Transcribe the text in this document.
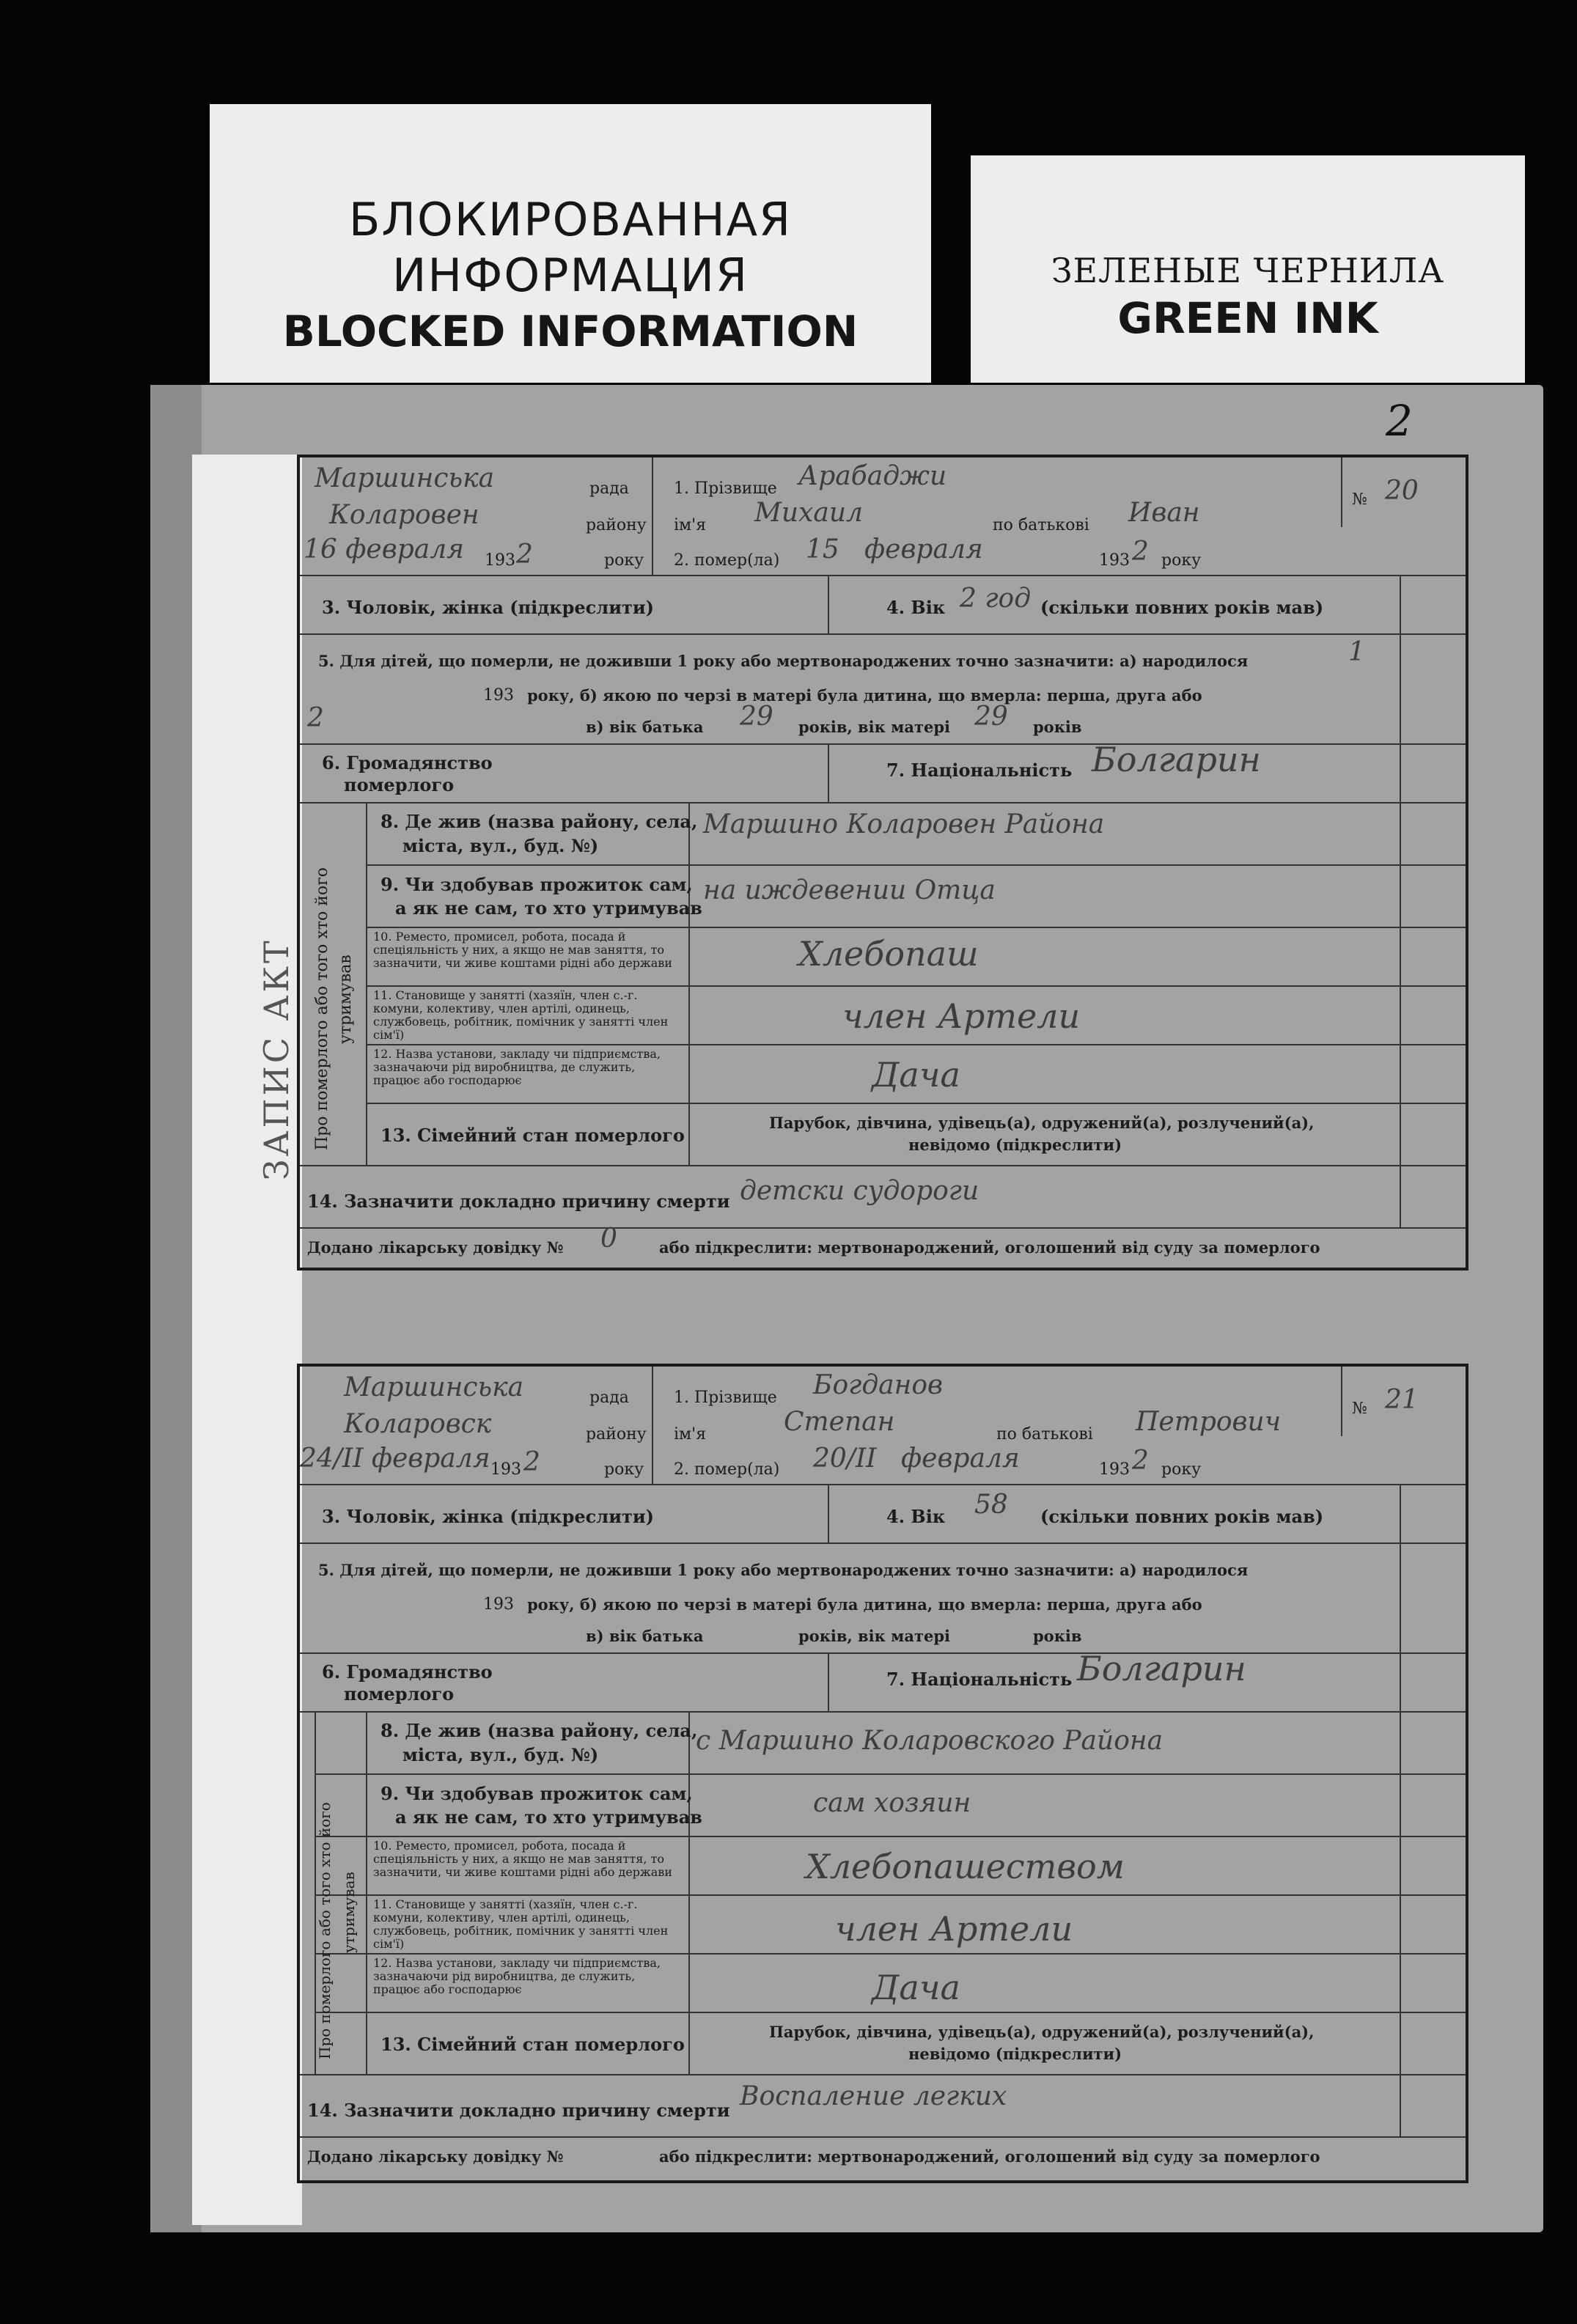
БЛОКИРОВАННАЯ
ИНФОРМАЦИЯ
BLOCKED INFORMATION
ЗЕЛЕНЫЕ ЧЕРНИЛА
GREEN INK
2
ЗАПИС АКТ
Маршинська	рада
Коларовен	району
16 февраля 193 2	року
1. Прізвище Арабаджи
ім'я Михаил	по батькові Иван
2. помер(ла) 15 февраля	193 2 року
№ 20
3. Чоловік, жінка (підкреслити)	4. Вік 2 год (скільки повних років мав)
5. Для дітей, що померли, не доживши 1 року або мертвонароджених точно зазначити: а) народилося	1
193 року, б) якою по черзі в матері була дитина, що вмерла: перша, друга або
2	в) вік батька 29 років, вік матері 29 років
6. Громадянство
померлого
7. Національність Болгарин
Про померлого або того хто його утримував
8. Де жив (назва району, села,
міста, вул., буд. №)
Маршино Коларовен Района
9. Чи здобував прожиток сам,
а як не сам, то хто утримував
на иждевении Отца
10. Реместо, промисел, робота, посада й спеціяльність у них, а якщо не мав заняття, то зазначити, чи живе коштами рідні або держави	Хлебопаш
11. Становище у занятті (хазяїн, член с.-г. комуни, колективу, член артілі, одинець, службовець, робітник, помічник у занятті член сім'ї)	член Артели
12. Назва установи, закладу чи підприємства, зазначаючи рід виробництва, де служить, працює або господарює	Дача
13. Сімейний стан померлого
Парубок, дівчина, удівець(а), одружений(а), розлучений(а),
невідомо (підкреслити)
14. Зазначити докладно причину смерти детски судороги
Додано лікарську довідку № 0	або підкреслити: мертвонароджений, оголошений від суду за померлого
Маршинська	рада
Коларовск	району
24/II февраля 193 2	року
1. Прізвище Богданов
ім'я	Степан	по батькові Петрович
2. помер(ла) 20/II февраля	193 2 року
№ 21
3. Чоловік, жінка (підкреслити)	4. Вік 58 (скільки повних років мав)
5. Для дітей, що померли, не доживши 1 року або мертвонароджених точно зазначити: а) народилося
193 року, б) якою по черзі в матері була дитина, що вмерла: перша, друга або
в) вік батька	років, вік матері	років
6. Громадянство
померлого
7. Національність Болгарин
Про померлого або того хто його утримував
8. Де жив (назва району, села,
міста, вул., буд. №)	с Маршино Коларовского Района
9. Чи здобував прожиток сам,
а як не сам, то хто утримував	сам хозяин
10. Реместо, промисел, робота, посада й спеціяльність у них, а якщо не мав заняття, то зазначити, чи живе коштами рідні або держави	Хлебопашеством
11. Становище у занятті (хазяїн, член с.-г. комуни, колективу, член артілі, одинець, службовець, робітник, помічник у занятті член сім'ї)	член Артели
12. Назва установи, закладу чи підприємства, зазначаючи рід виробництва, де служить, працює або господарює	Дача
13. Сімейний стан померлого
Парубок, дівчина, удівець(а), одружений(а), розлучений(а),
невідомо (підкреслити)
14. Зазначити докладно причину смерти Воспаление легких
Додано лікарську довідку №	або підкреслити: мертвонароджений, оголошений від суду за померлого
